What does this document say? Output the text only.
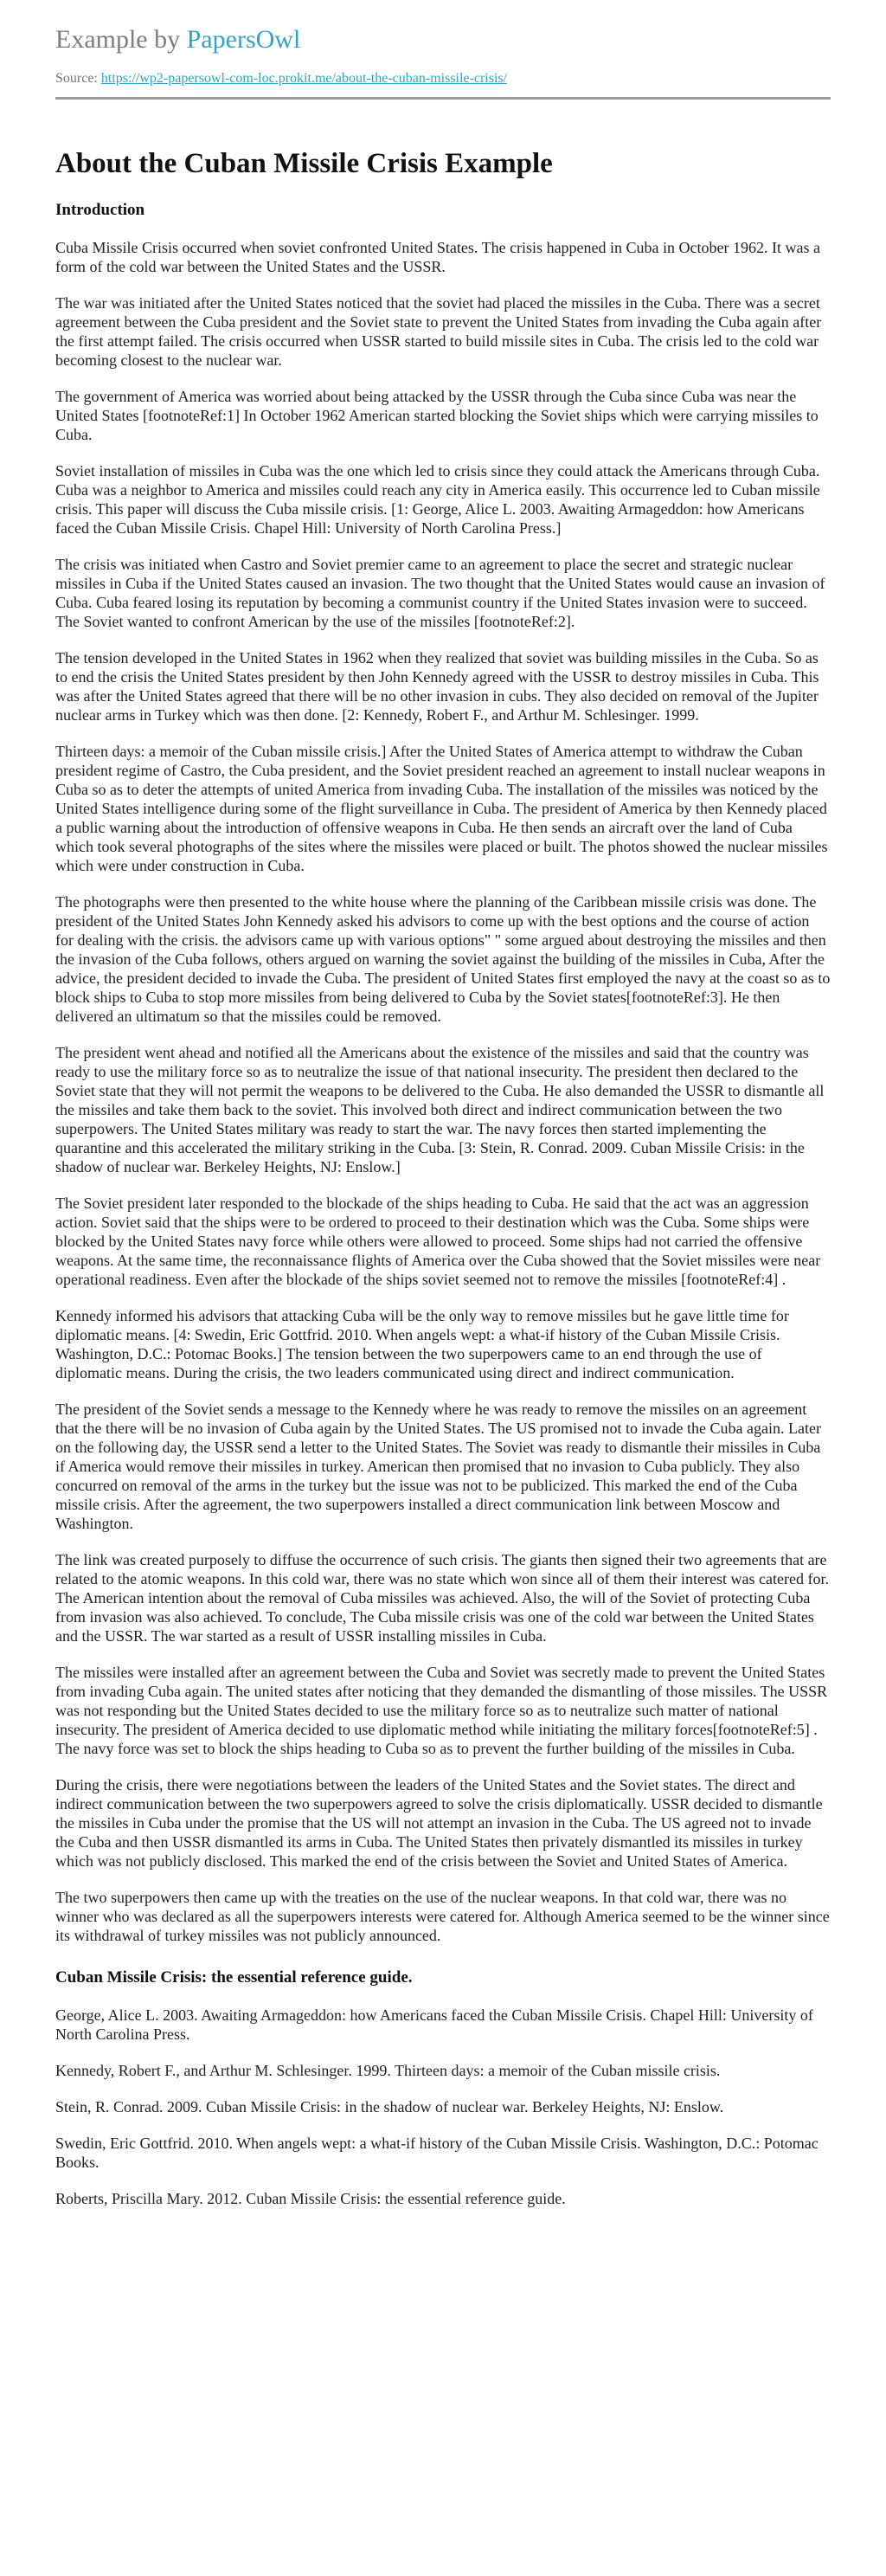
Example by PapersOwl
Source: https://wp2-papersowl-com-loc.prokit.me/about-the-cuban-missile-crisis/
About the Cuban Missile Crisis Example
Introduction

Cuba Missile Crisis occurred when soviet confronted United States. The crisis happened in Cuba in October 1962. It was a form of the cold war between the United States and the USSR.

The war was initiated after the United States noticed that the soviet had placed the missiles in the Cuba. There was a secret agreement between the Cuba president and the Soviet state to prevent the United States from invading the Cuba again after the first attempt failed. The crisis occurred when USSR started to build missile sites in Cuba. The crisis led to the cold war becoming closest to the nuclear war.

The government of America was worried about being attacked by the USSR through the Cuba since Cuba was near the United States [footnoteRef:1] In October 1962 American started blocking the Soviet ships which were carrying missiles to Cuba.

Soviet installation of missiles in Cuba was the one which led to crisis since they could attack the Americans through Cuba. Cuba was a neighbor to America and missiles could reach any city in America easily. This occurrence led to Cuban missile crisis. This paper will discuss the Cuba missile crisis. [1: George, Alice L. 2003. Awaiting Armageddon: how Americans faced the Cuban Missile Crisis. Chapel Hill: University of North Carolina Press.]

The crisis was initiated when Castro and Soviet premier came to an agreement to place the secret and strategic nuclear missiles in Cuba if the United States caused an invasion. The two thought that the United States would cause an invasion of Cuba. Cuba feared losing its reputation by becoming a communist country if the United States invasion were to succeed. The Soviet wanted to confront American by the use of the missiles [footnoteRef:2].

The tension developed in the United States in 1962 when they realized that soviet was building missiles in the Cuba. So as to end the crisis the United States president by then John Kennedy agreed with the USSR to destroy missiles in Cuba. This was after the United States agreed that there will be no other invasion in cubs. They also decided on removal of the Jupiter nuclear arms in Turkey which was then done. [2: Kennedy, Robert F., and Arthur M. Schlesinger. 1999.

Thirteen days: a memoir of the Cuban missile crisis.] After the United States of America attempt to withdraw the Cuban president regime of Castro, the Cuba president, and the Soviet president reached an agreement to install nuclear weapons in Cuba so as to deter the attempts of united America from invading Cuba. The installation of the missiles was noticed by the United States intelligence during some of the flight surveillance in Cuba. The president of America by then Kennedy placed a public warning about the introduction of offensive weapons in Cuba. He then sends an aircraft over the land of Cuba which took several photographs of the sites where the missiles were placed or built. The photos showed the nuclear missiles which were under construction in Cuba.

The photographs were then presented to the white house where the planning of the Caribbean missile crisis was done. The president of the United States John Kennedy asked his advisors to come up with the best options and the course of action for dealing with the crisis. the advisors came up with various options" " some argued about destroying the missiles and then the invasion of the Cuba follows, others argued on warning the soviet against the building of the missiles in Cuba, After the advice, the president decided to invade the Cuba. The president of United States first employed the navy at the coast so as to block ships to Cuba to stop more missiles from being delivered to Cuba by the Soviet states[footnoteRef:3]. He then delivered an ultimatum so that the missiles could be removed.

The president went ahead and notified all the Americans about the existence of the missiles and said that the country was ready to use the military force so as to neutralize the issue of that national insecurity. The president then declared to the Soviet state that they will not permit the weapons to be delivered to the Cuba. He also demanded the USSR to dismantle all the missiles and take them back to the soviet. This involved both direct and indirect communication between the two superpowers. The United States military was ready to start the war. The navy forces then started implementing the quarantine and this accelerated the military striking in the Cuba. [3: Stein, R. Conrad. 2009. Cuban Missile Crisis: in the shadow of nuclear war. Berkeley Heights, NJ: Enslow.]

The Soviet president later responded to the blockade of the ships heading to Cuba. He said that the act was an aggression action. Soviet said that the ships were to be ordered to proceed to their destination which was the Cuba. Some ships were blocked by the United States navy force while others were allowed to proceed. Some ships had not carried the offensive weapons. At the same time, the reconnaissance flights of America over the Cuba showed that the Soviet missiles were near operational readiness. Even after the blockade of the ships soviet seemed not to remove the missiles [footnoteRef:4] .

Kennedy informed his advisors that attacking Cuba will be the only way to remove missiles but he gave little time for diplomatic means. [4: Swedin, Eric Gottfrid. 2010. When angels wept: a what-if history of the Cuban Missile Crisis. Washington, D.C.: Potomac Books.] The tension between the two superpowers came to an end through the use of diplomatic means. During the crisis, the two leaders communicated using direct and indirect communication.

The president of the Soviet sends a message to the Kennedy where he was ready to remove the missiles on an agreement that the there will be no invasion of Cuba again by the United States. The US promised not to invade the Cuba again. Later on the following day, the USSR send a letter to the United States. The Soviet was ready to dismantle their missiles in Cuba if America would remove their missiles in turkey. American then promised that no invasion to Cuba publicly. They also concurred on removal of the arms in the turkey but the issue was not to be publicized. This marked the end of the Cuba missile crisis. After the agreement, the two superpowers installed a direct communication link between Moscow and Washington.

The link was created purposely to diffuse the occurrence of such crisis. The giants then signed their two agreements that are related to the atomic weapons. In this cold war, there was no state which won since all of them their interest was catered for. The American intention about the removal of Cuba missiles was achieved. Also, the will of the Soviet of protecting Cuba from invasion was also achieved. To conclude, The Cuba missile crisis was one of the cold war between the United States and the USSR. The war started as a result of USSR installing missiles in Cuba.

The missiles were installed after an agreement between the Cuba and Soviet was secretly made to prevent the United States from invading Cuba again. The united states after noticing that they demanded the dismantling of those missiles. The USSR was not responding but the United States decided to use the military force so as to neutralize such matter of national insecurity. The president of America decided to use diplomatic method while initiating the military forces[footnoteRef:5] . The navy force was set to block the ships heading to Cuba so as to prevent the further building of the missiles in Cuba.

During the crisis, there were negotiations between the leaders of the United States and the Soviet states. The direct and indirect communication between the two superpowers agreed to solve the crisis diplomatically. USSR decided to dismantle the missiles in Cuba under the promise that the US will not attempt an invasion in the Cuba. The US agreed not to invade the Cuba and then USSR dismantled its arms in Cuba. The United States then privately dismantled its missiles in turkey which was not publicly disclosed. This marked the end of the crisis between the Soviet and United States of America.

The two superpowers then came up with the treaties on the use of the nuclear weapons. In that cold war, there was no winner who was declared as all the superpowers interests were catered for. Although America seemed to be the winner since its withdrawal of turkey missiles was not publicly announced.

Cuban Missile Crisis: the essential reference guide.

George, Alice L. 2003. Awaiting Armageddon: how Americans faced the Cuban Missile Crisis. Chapel Hill: University of North Carolina Press.

Kennedy, Robert F., and Arthur M. Schlesinger. 1999. Thirteen days: a memoir of the Cuban missile crisis.

Stein, R. Conrad. 2009. Cuban Missile Crisis: in the shadow of nuclear war. Berkeley Heights, NJ: Enslow.

Swedin, Eric Gottfrid. 2010. When angels wept: a what-if history of the Cuban Missile Crisis. Washington, D.C.: Potomac Books.

Roberts, Priscilla Mary. 2012. Cuban Missile Crisis: the essential reference guide.
